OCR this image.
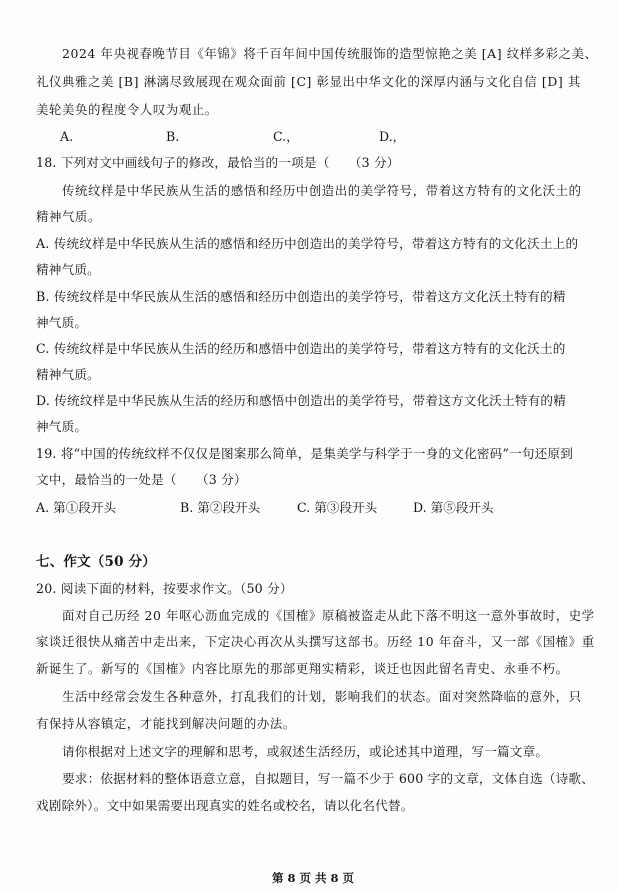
2024 年央视春晚节目《年锦》将千百年间中国传统服饰的造型惊艳之美 [A] 纹样多彩之美、
礼仪典雅之美 [B] 淋漓尽致展现在观众面前 [C] 彰显出中华文化的深厚内涵与文化自信 [D] 其
美轮美奂的程度令人叹为观止。
A.	B.	C.，	D.，
18. 下列对文中画线句子的修改，最恰当的一项是（　　（3 分）
传统纹样是中华民族从生活的感悟和经历中创造出的美学符号，带着这方特有的文化沃土的
精神气质。
A. 传统纹样是中华民族从生活的感悟和经历中创造出的美学符号，带着这方特有的文化沃土上的
精神气质。
B. 传统纹样是中华民族从生活的感悟和经历中创造出的美学符号，带着这方文化沃土特有的精
神气质。
C. 传统纹样是中华民族从生活的经历和感悟中创造出的美学符号，带着这方特有的文化沃土的
精神气质。
D. 传统纹样是中华民族从生活的经历和感悟中创造出的美学符号，带着这方文化沃土特有的精
神气质。
19. 将“中国的传统纹样不仅仅是图案那么简单，是集美学与科学于一身的文化密码”一句还原到
文中，最恰当的一处是（　　（3 分）
A. 第①段开头	B. 第②段开头	C. 第③段开头	D. 第⑤段开头
七、作文（50 分）
20. 阅读下面的材料，按要求作文。（50 分）
面对自己历经 20 年呕心沥血完成的《国榷》原稿被盗走从此下落不明这一意外事故时，史学
家谈迁很快从痛苦中走出来，下定决心再次从头撰写这部书。历经 10 年奋斗，又一部《国榷》重
新诞生了。新写的《国榷》内容比原先的那部更翔实精彩，谈迁也因此留名青史、永垂不朽。
生活中经常会发生各种意外，打乱我们的计划，影响我们的状态。面对突然降临的意外，只
有保持从容镇定，才能找到解决问题的办法。
请你根据对上述文字的理解和思考，或叙述生活经历，或论述其中道理，写一篇文章。
要求：依据材料的整体语意立意，自拟题目，写一篇不少于 600 字的文章，文体自选（诗歌、
戏剧除外）。文中如果需要出现真实的姓名或校名，请以化名代替。
第 8 页 共 8 页
